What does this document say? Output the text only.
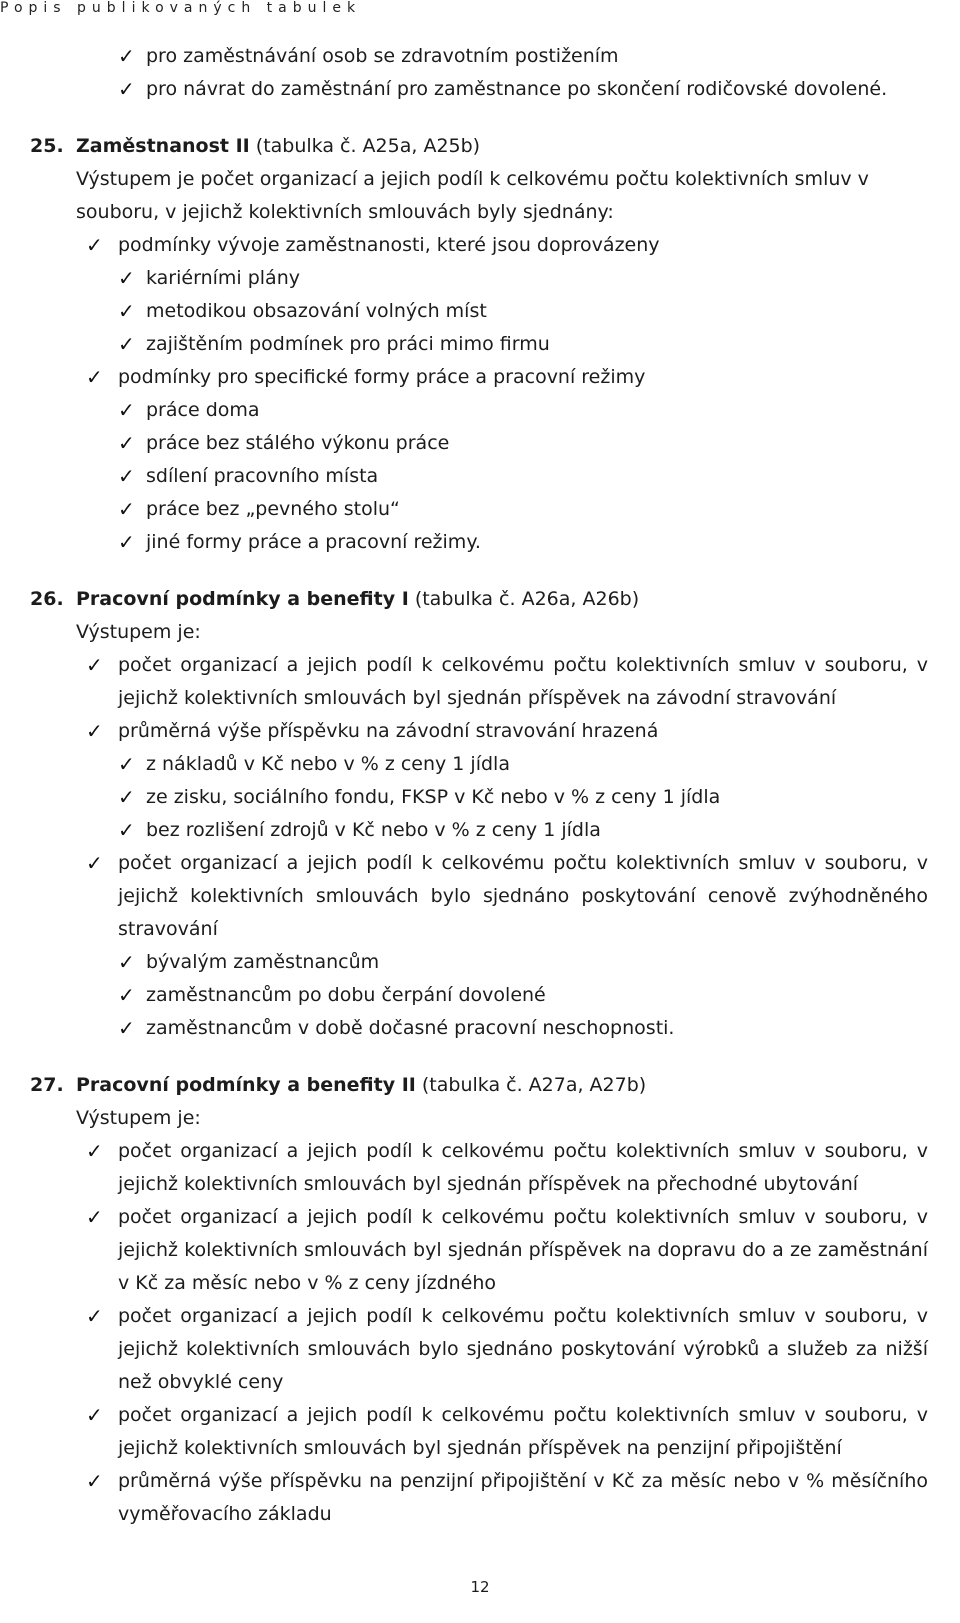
Popis publikovaných tabulek
✓ pro zaměstnávání osob se zdravotním postižením
✓ pro návrat do zaměstnání pro zaměstnance po skončení rodičovské dovolené.
25. Zaměstnanost II (tabulka č. A25a, A25b)
Výstupem je počet organizací a jejich podíl k celkovému počtu kolektivních smluv v souboru, v jejichž kolektivních smlouvách byly sjednány:
✓ podmínky vývoje zaměstnanosti, které jsou doprovázeny
✓ kariérními plány
✓ metodikou obsazování volných míst
✓ zajištěním podmínek pro práci mimo firmu
✓ podmínky pro specifické formy práce a pracovní režimy
✓ práce doma
✓ práce bez stálého výkonu práce
✓ sdílení pracovního místa
✓ práce bez „pevného stolu“
✓ jiné formy práce a pracovní režimy.
26. Pracovní podmínky a benefity I (tabulka č. A26a, A26b)
Výstupem je:
✓ počet organizací a jejich podíl k celkovému počtu kolektivních smluv v souboru, v jejichž kolektivních smlouvách byl sjednán příspěvek na závodní stravování
✓ průměrná výše příspěvku na závodní stravování hrazená
✓ z nákladů v Kč nebo v % z ceny 1 jídla
✓ ze zisku, sociálního fondu, FKSP v Kč nebo v % z ceny 1 jídla
✓ bez rozlišení zdrojů v Kč nebo v % z ceny 1 jídla
✓ počet organizací a jejich podíl k celkovému počtu kolektivních smluv v souboru, v jejichž kolektivních smlouvách bylo sjednáno poskytování cenově zvýhodněného stravování
✓ bývalým zaměstnancům
✓ zaměstnancům po dobu čerpání dovolené
✓ zaměstnancům v době dočasné pracovní neschopnosti.
27. Pracovní podmínky a benefity II (tabulka č. A27a, A27b)
Výstupem je:
✓ počet organizací a jejich podíl k celkovému počtu kolektivních smluv v souboru, v jejichž kolektivních smlouvách byl sjednán příspěvek na přechodné ubytování
✓ počet organizací a jejich podíl k celkovému počtu kolektivních smluv v souboru, v jejichž kolektivních smlouvách byl sjednán příspěvek na dopravu do a ze zaměstnání v Kč za měsíc nebo v % z ceny jízdného
✓ počet organizací a jejich podíl k celkovému počtu kolektivních smluv v souboru, v jejichž kolektivních smlouvách bylo sjednáno poskytování výrobků a služeb za nižší než obvyklé ceny
✓ počet organizací a jejich podíl k celkovému počtu kolektivních smluv v souboru, v jejichž kolektivních smlouvách byl sjednán příspěvek na penzijní připojištění
✓ průměrná výše příspěvku na penzijní připojištění v Kč za měsíc nebo v % měsíčního vyměřovacího základu
12
